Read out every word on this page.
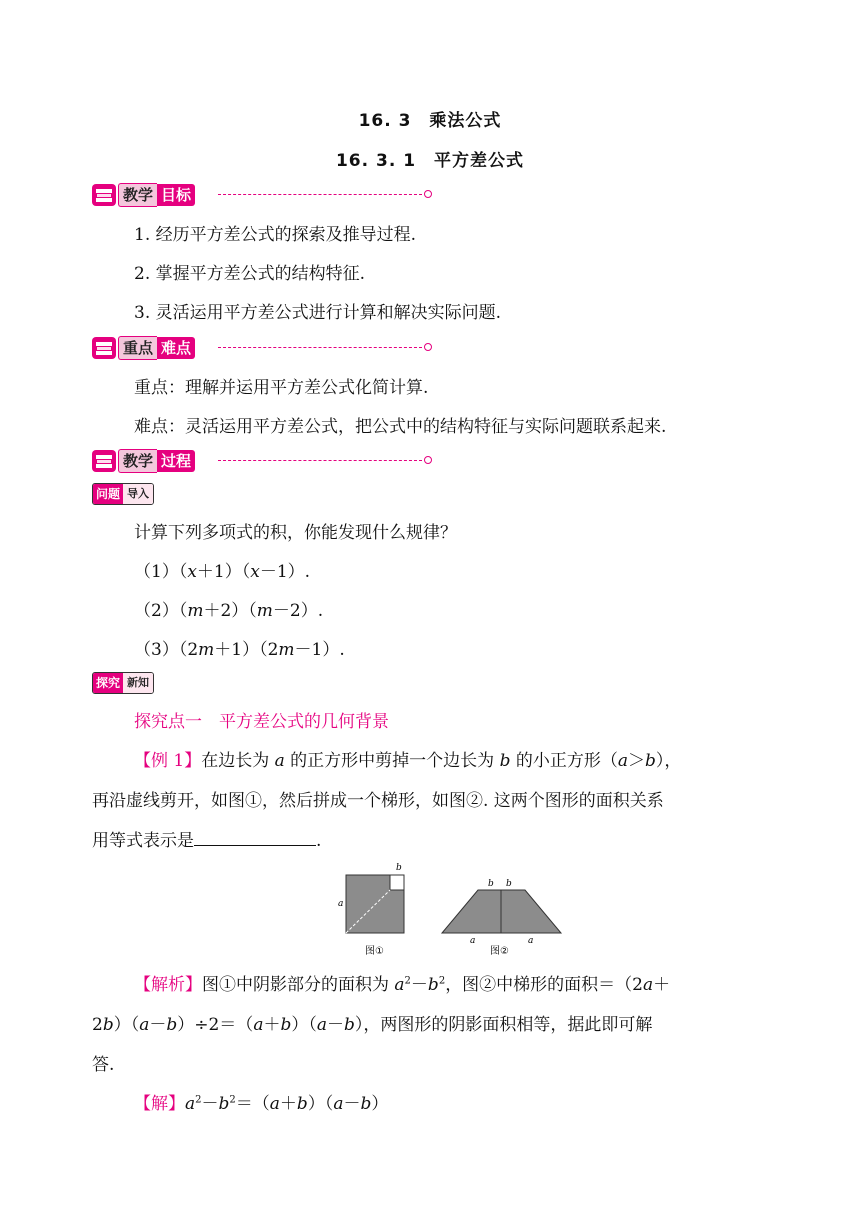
16. 3　乘法公式
16. 3. 1　平方差公式
教学 目标
1. 经历平方差公式的探索及推导过程.
2. 掌握平方差公式的结构特征.
3. 灵活运用平方差公式进行计算和解决实际问题.
重点 难点
重点：理解并运用平方差公式化简计算.
难点：灵活运用平方差公式，把公式中的结构特征与实际问题联系起来.
教学 过程
问题 导入
计算下列多项式的积，你能发现什么规律？
（1）（x＋1）（x－1）.
（2）（m＋2）（m－2）.
（3）（2m＋1）（2m－1）.
探究 新知
探究点一　平方差公式的几何背景
【例 1】在边长为 a 的正方形中剪掉一个边长为 b 的小正方形（a＞b），
再沿虚线剪开，如图①，然后拼成一个梯形，如图②. 这两个图形的面积关系
用等式表示是	.
b
a
图①
b b
a	a
图②
【解析】图①中阴影部分的面积为 $a^2-b^2$，图②中梯形的面积＝（2a＋
2b）（a－b）÷2＝（a＋b）（a－b），两图形的阴影面积相等，据此即可解
答.
【解】$a^2-b^2=(a+b)(a-b)$
